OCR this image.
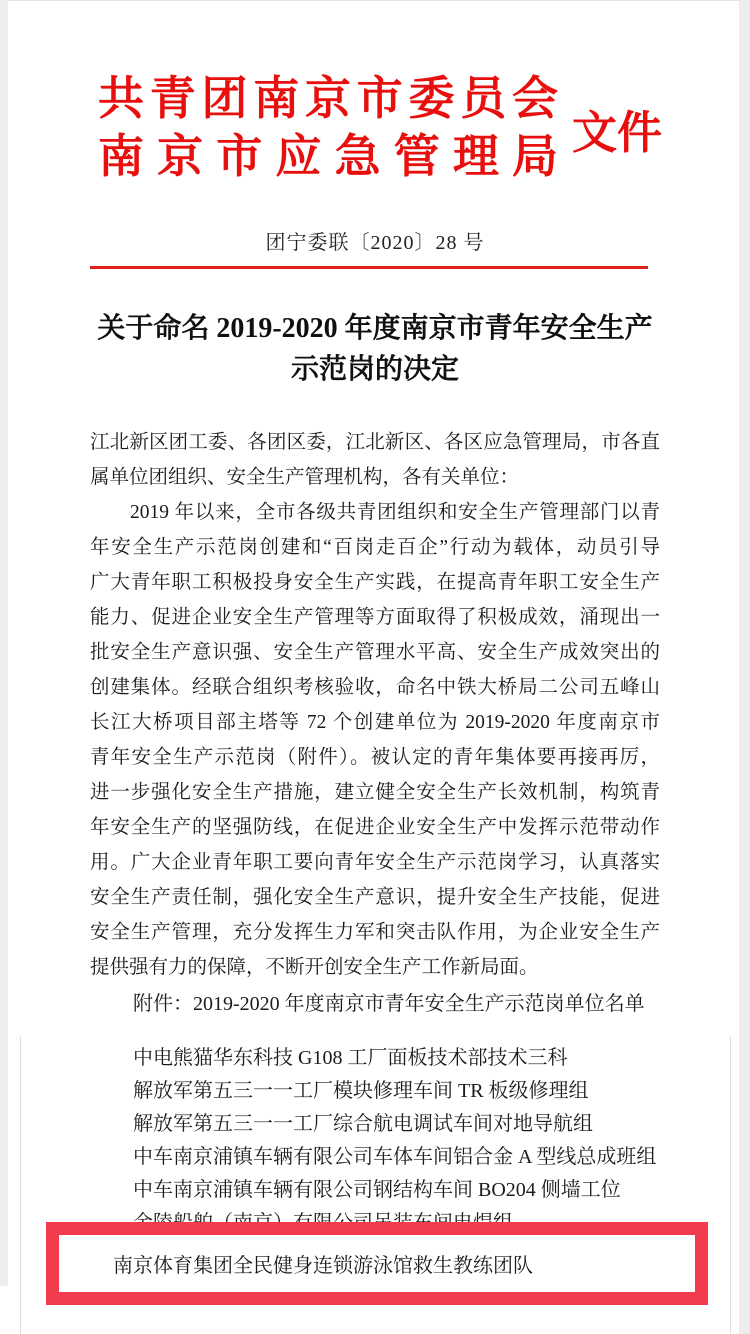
共青团南京市委员会
南京市应急管理局 文件
团宁委联〔2020〕28 号
关于命名 2019-2020 年度南京市青年安全生产
示范岗的决定
江北新区团工委、各团区委，江北新区、各区应急管理局，市各直
属单位团组织、安全生产管理机构，各有关单位：
2019 年以来，全市各级共青团组织和安全生产管理部门以青
年安全生产示范岗创建和“百岗走百企”行动为载体，动员引导
广大青年职工积极投身安全生产实践，在提高青年职工安全生产
能力、促进企业安全生产管理等方面取得了积极成效，涌现出一
批安全生产意识强、安全生产管理水平高、安全生产成效突出的
创建集体。经联合组织考核验收，命名中铁大桥局二公司五峰山
长江大桥项目部主塔等 72 个创建单位为 2019-2020 年度南京市
青年安全生产示范岗（附件）。被认定的青年集体要再接再厉，
进一步强化安全生产措施，建立健全安全生产长效机制，构筑青
年安全生产的坚强防线，在促进企业安全生产中发挥示范带动作
用。广大企业青年职工要向青年安全生产示范岗学习，认真落实
安全生产责任制，强化安全生产意识，提升安全生产技能，促进
安全生产管理，充分发挥生力军和突击队作用，为企业安全生产
提供强有力的保障，不断开创安全生产工作新局面。
附件：2019-2020 年度南京市青年安全生产示范岗单位名单
中电熊猫华东科技 G108 工厂面板技术部技术三科
解放军第五三一一工厂模块修理车间 TR 板级修理组
解放军第五三一一工厂综合航电调试车间对地导航组
中车南京浦镇车辆有限公司车体车间铝合金 A 型线总成班组
中车南京浦镇车辆有限公司钢结构车间 BO204 侧墙工位
南京体育集团全民健身连锁游泳馆救生教练团队
